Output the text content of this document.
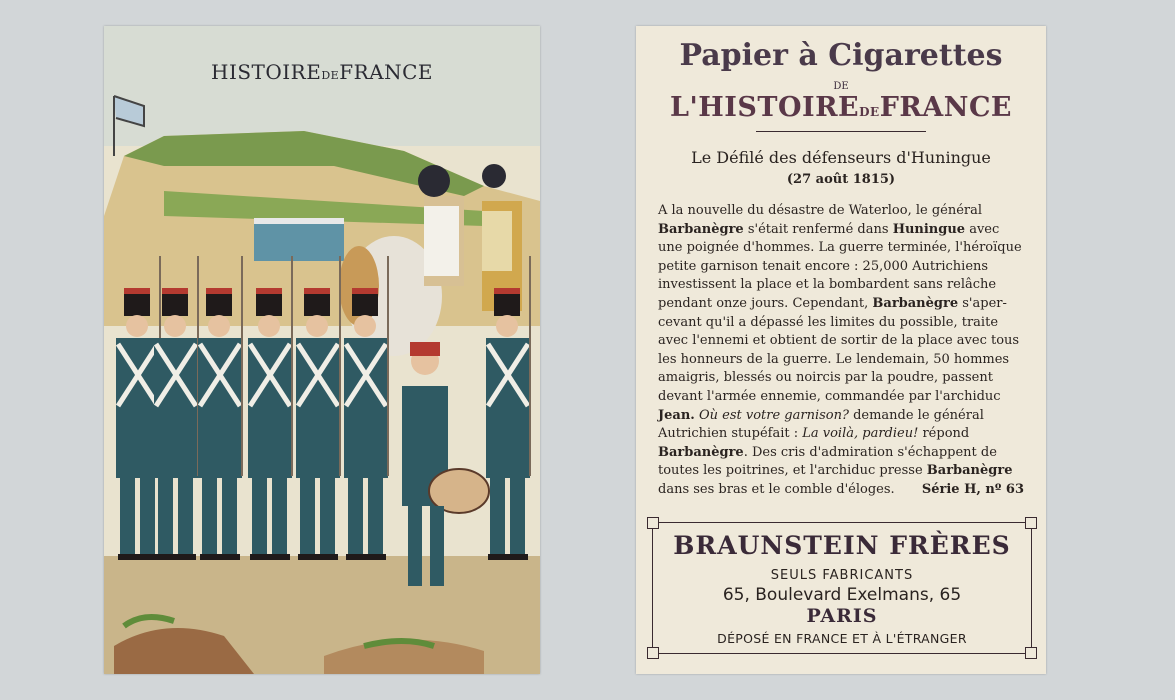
HISTOIREDEFRANCE	Papier à Cigarettes
DE
L'HISTOIREDEFRANCE
Le Défilé des défenseurs d'Huningue
(27 août 1815)
A la nouvelle du désastre de Waterloo, le général
Barbanègre s'était renfermé dans Huningue avec
une poignée d'hommes. La guerre terminée, l'héroïque
petite garnison tenait encore : 25,000 Autrichiens
investissent la place et la bombardent sans relâche
pendant onze jours. Cependant, Barbanègre s'aper-
cevant qu'il a dépassé les limites du possible, traite
avec l'ennemi et obtient de sortir de la place avec tous
les honneurs de la guerre. Le lendemain, 50 hommes
amaigris, blessés ou noircis par la poudre, passent
devant l'armée ennemie, commandée par l'archiduc
Jean. Où est votre garnison? demande le général
Autrichien stupéfait : La voilà, pardieu! répond
Barbanègre. Des cris d'admiration s'échappent de
toutes les poitrines, et l'archiduc presse Barbanègre
dans ses bras et le comble d'éloges. Série H, nº 63
BRAUNSTEIN FRÈRES
SEULS FABRICANTS
65, Boulevard Exelmans, 65
PARIS
DÉPOSÉ EN FRANCE ET À L'ÉTRANGER
